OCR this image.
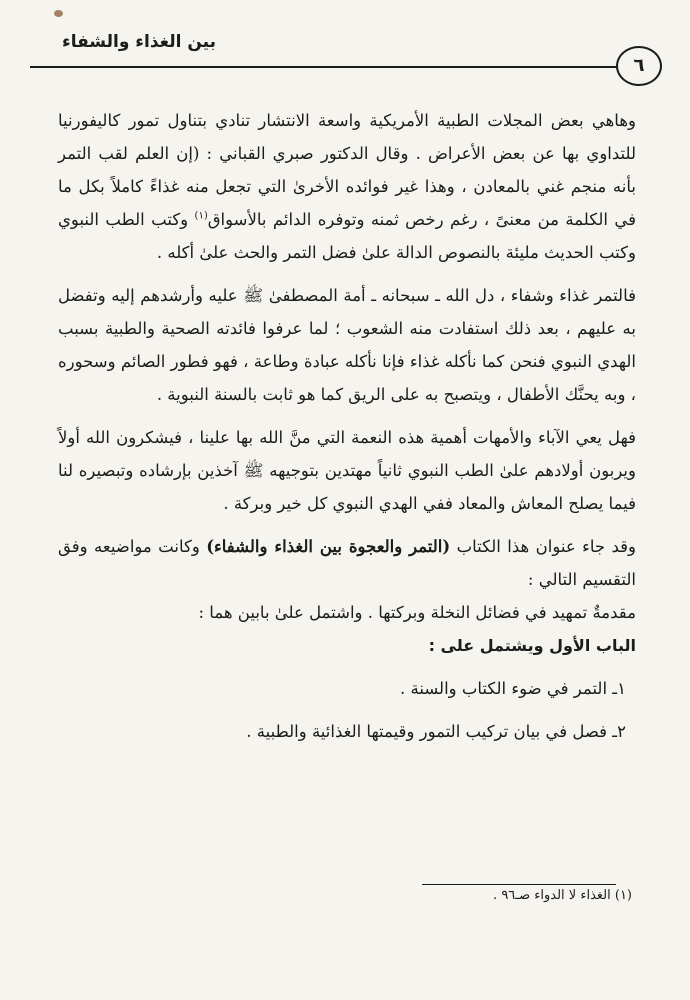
بين الغذاء والشفاء
٦

وهاهي بعض المجلات الطبية الأمريكية واسعة الانتشار تنادي بتناول تمور كاليفورنيا للتداوي بها عن بعض الأعراض . وقال الدكتور صبري القباني : (إن العلم لقب التمر بأنه منجم غني بالمعادن ، وهذا غير فوائده الأخرىٰ التي تجعل منه غذاءً كاملاً بكل ما في الكلمة من معنىً ، رغم رخص ثمنه وتوفره الدائم بالأسواق$^{(١)}$ وكتب الطب النبوي وكتب الحديث مليئة بالنصوص الدالة علىٰ فضل التمر والحث علىٰ أكله .

فالتمر غذاء وشفاء ، دل الله ـ سبحانه ـ أمة المصطفىٰ ﷺ عليه وأرشدهم إليه وتفضل به عليهم ، بعد ذلك استفادت منه الشعوب ؛ لما عرفوا فائدته الصحية والطبية بسبب الهدي النبوي فنحن كما نأكله غذاء فإنا نأكله عبادة وطاعة ، فهو فطور الصائم وسحوره ، وبه يحنَّك الأطفال ، ويتصبح به على الريق كما هو ثابت بالسنة النبوية .

فهل يعي الآباء والأمهات أهمية هذه النعمة التي منَّ الله بها علينا ، فيشكرون الله أولاً ويربون أولادهم علىٰ الطب النبوي ثانياً مهتدين بتوجيهه ﷺ آخذين بإرشاده وتبصيره لنا فيما يصلح المعاش والمعاد ففي الهدي النبوي كل خير وبركة .

وقد جاء عنوان هذا الكتاب (التمر والعجوة بين الغذاء والشفاء) وكانت مواضيعه وفق التقسيم التالي :

مقدمةٌ تمهيد في فضائل النخلة وبركتها . واشتمل علىٰ بابين هما :

الباب الأول ويشتمل على :

١ـ التمر في ضوء الكتاب والسنة .

٢ـ فصل في بيان تركيب التمور وقيمتها الغذائية والطبية .

(١) الغذاء لا الدواء صـ٩٦ .
